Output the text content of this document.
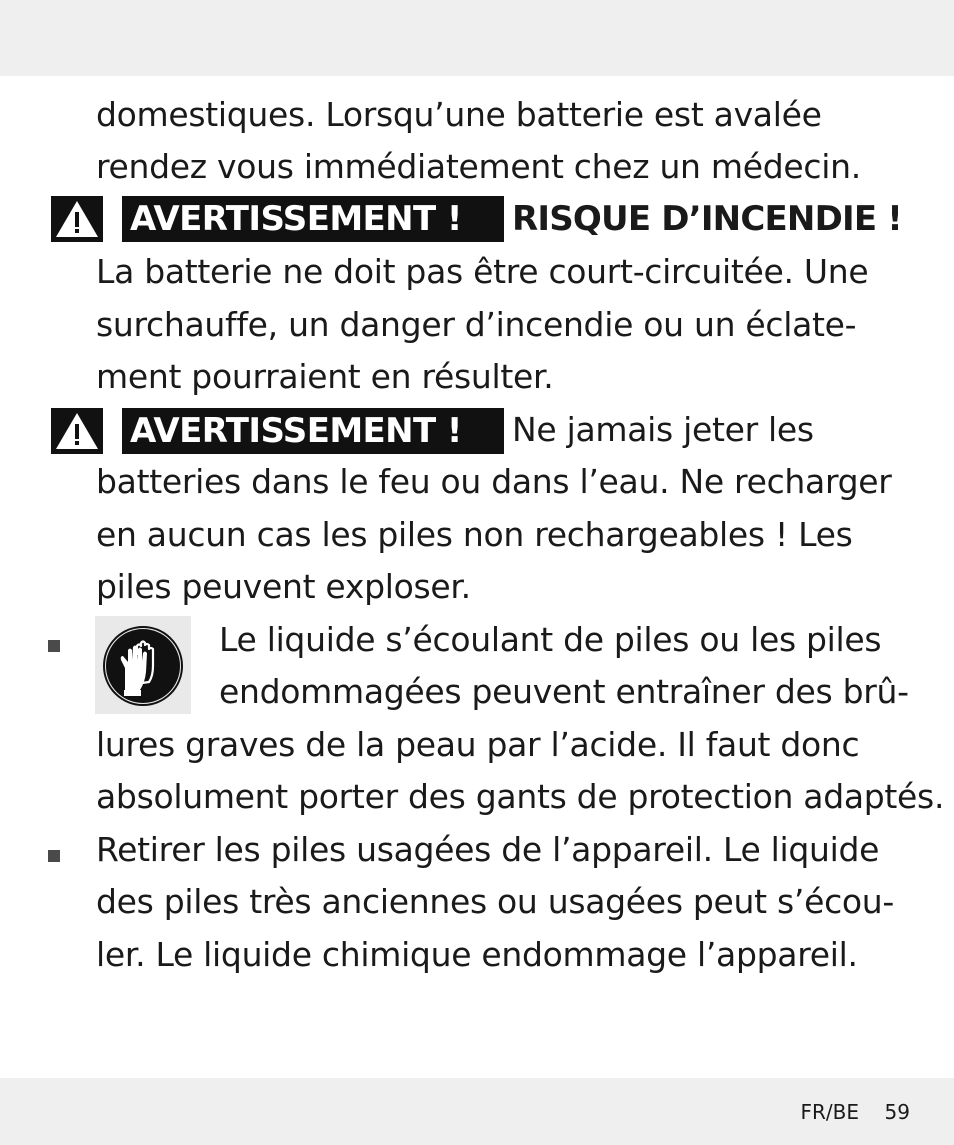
domestiques. Lorsqu’une batterie est avalée
rendez vous immédiatement chez un médecin.
AVERTISSEMENT !	RISQUE D’INCENDIE !
La batterie ne doit pas être court-circuitée. Une
surchauffe, un danger d’incendie ou un éclate-
ment pourraient en résulter.
AVERTISSEMENT !	Ne jamais jeter les
batteries dans le feu ou dans l’eau. Ne recharger
en aucun cas les piles non rechargeables ! Les
piles peuvent exploser.
Le liquide s’écoulant de piles ou les piles
endommagées peuvent entraîner des brû-
lures graves de la peau par l’acide. Il faut donc
absolument porter des gants de protection adaptés.
Retirer les piles usagées de l’appareil. Le liquide
des piles très anciennes ou usagées peut s’écou-
ler. Le liquide chimique endommage l’appareil.
FR/BE 59
